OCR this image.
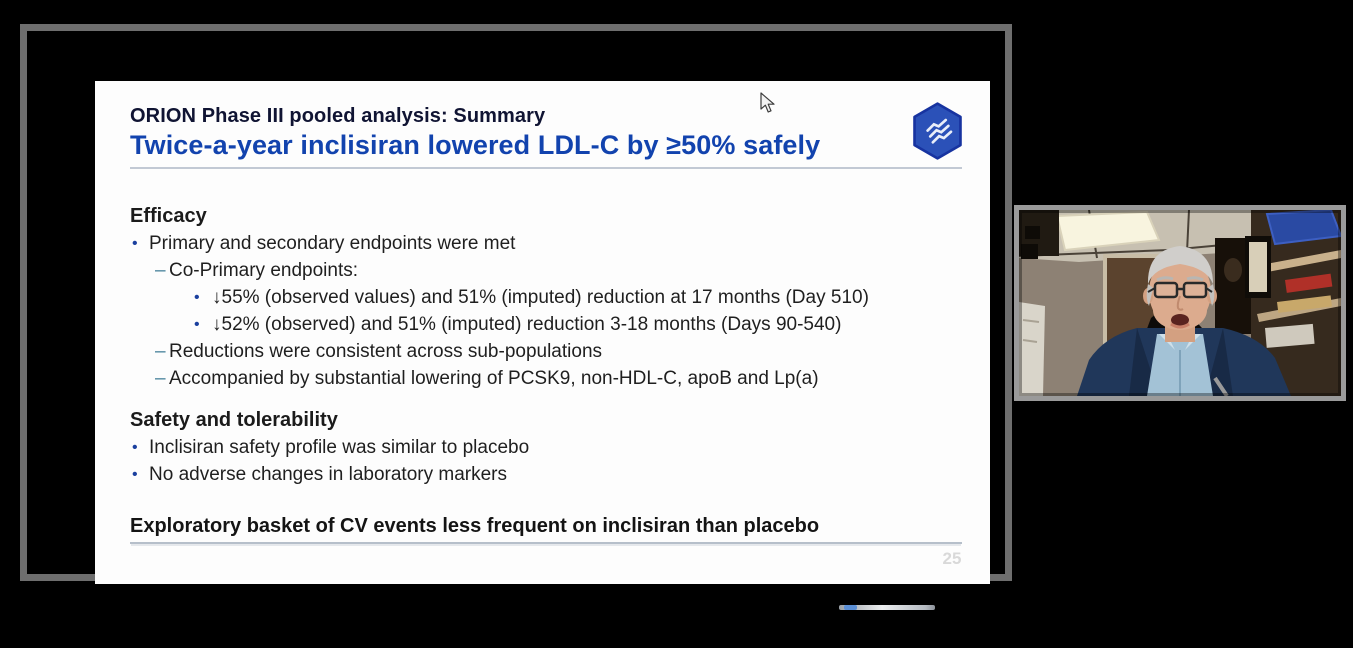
ORION Phase III pooled analysis: Summary
Twice-a-year inclisiran lowered LDL-C by ≥50% safely
Efficacy
• Primary and secondary endpoints were met
– Co-Primary endpoints:
• ↓55% (observed values) and 51% (imputed) reduction at 17 months (Day 510)
• ↓52% (observed) and 51% (imputed) reduction 3-18 months (Days 90-540)
– Reductions were consistent across sub-populations
– Accompanied by substantial lowering of PCSK9, non-HDL-C, apoB and Lp(a)
Safety and tolerability
• Inclisiran safety profile was similar to placebo
• No adverse changes in laboratory markers
Exploratory basket of CV events less frequent on inclisiran than placebo
25
